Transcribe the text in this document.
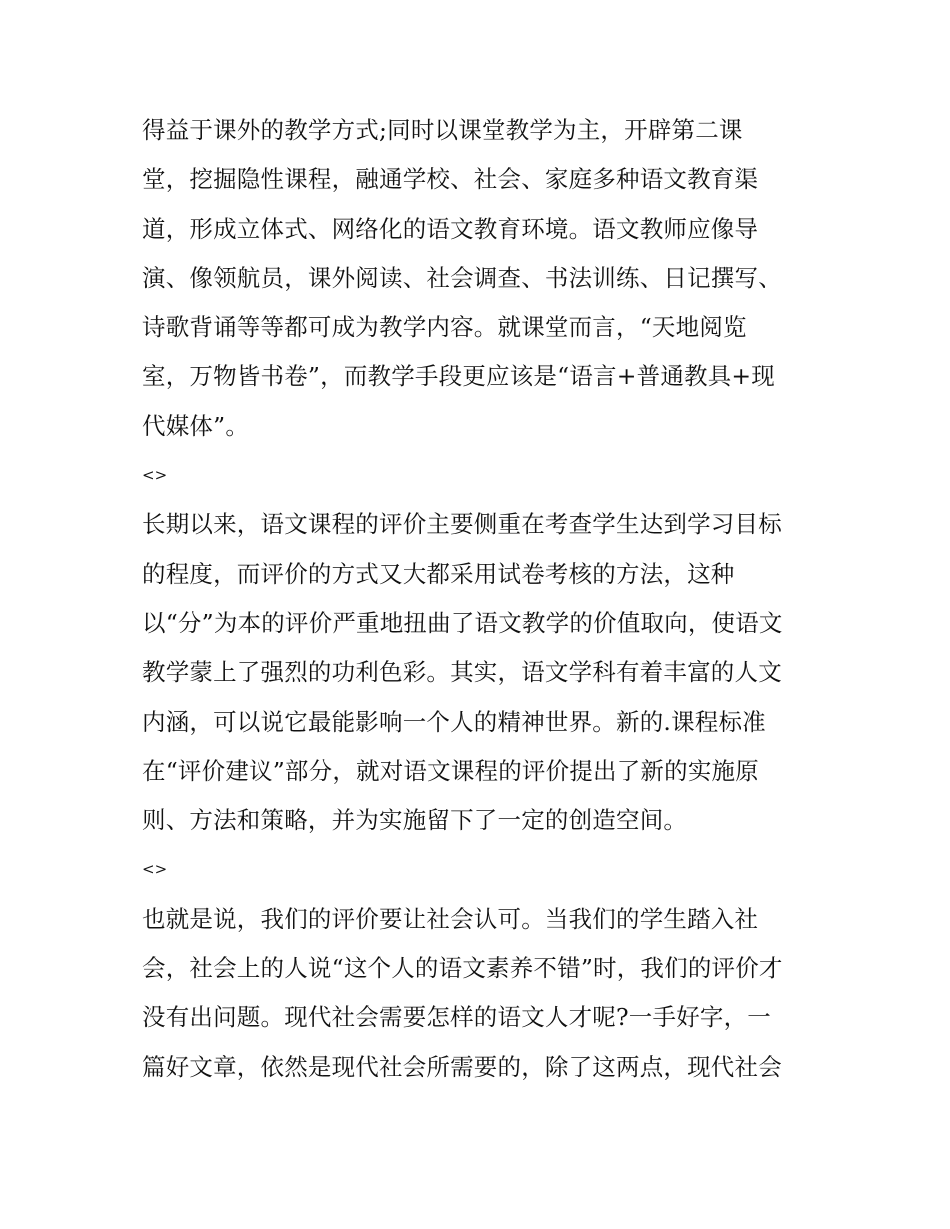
得益于课外的教学方式;同时以课堂教学为主，开辟第二课
堂，挖掘隐性课程，融通学校、社会、家庭多种语文教育渠
道，形成立体式、网络化的语文教育环境。语文教师应像导
演、像领航员，课外阅读、社会调查、书法训练、日记撰写、
诗歌背诵等等都可成为教学内容。就课堂而言，“天地阅览
室，万物皆书卷”，而教学手段更应该是“语言+普通教具+现
代媒体”。
<>
长期以来，语文课程的评价主要侧重在考查学生达到学习目标
的程度，而评价的方式又大都采用试卷考核的方法，这种
以“分”为本的评价严重地扭曲了语文教学的价值取向，使语文
教学蒙上了强烈的功利色彩。其实，语文学科有着丰富的人文
内涵，可以说它最能影响一个人的精神世界。新的.课程标准
在“评价建议”部分，就对语文课程的评价提出了新的实施原
则、方法和策略，并为实施留下了一定的创造空间。
<>
也就是说，我们的评价要让社会认可。当我们的学生踏入社
会，社会上的人说“这个人的语文素养不错”时，我们的评价才
没有出问题。现代社会需要怎样的语文人才呢?一手好字，一
篇好文章，依然是现代社会所需要的，除了这两点，现代社会
